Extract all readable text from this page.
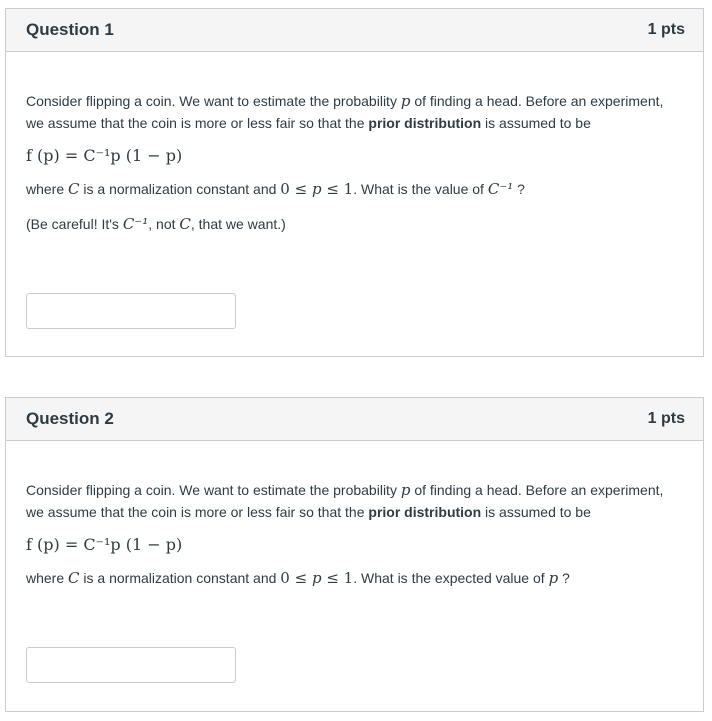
Question 1	1 pts

Consider flipping a coin. We want to estimate the probability p of finding a head. Before an experiment, we assume that the coin is more or less fair so that the prior distribution is assumed to be

f (p) = C⁻¹p (1 − p)

where C is a normalization constant and 0 ≤ p ≤ 1. What is the value of C⁻¹ ?

(Be careful! It's C⁻¹, not C, that we want.)

Question 2	1 pts

Consider flipping a coin. We want to estimate the probability p of finding a head. Before an experiment, we assume that the coin is more or less fair so that the prior distribution is assumed to be

f (p) = C⁻¹p (1 − p)

where C is a normalization constant and 0 ≤ p ≤ 1. What is the expected value of p ?
